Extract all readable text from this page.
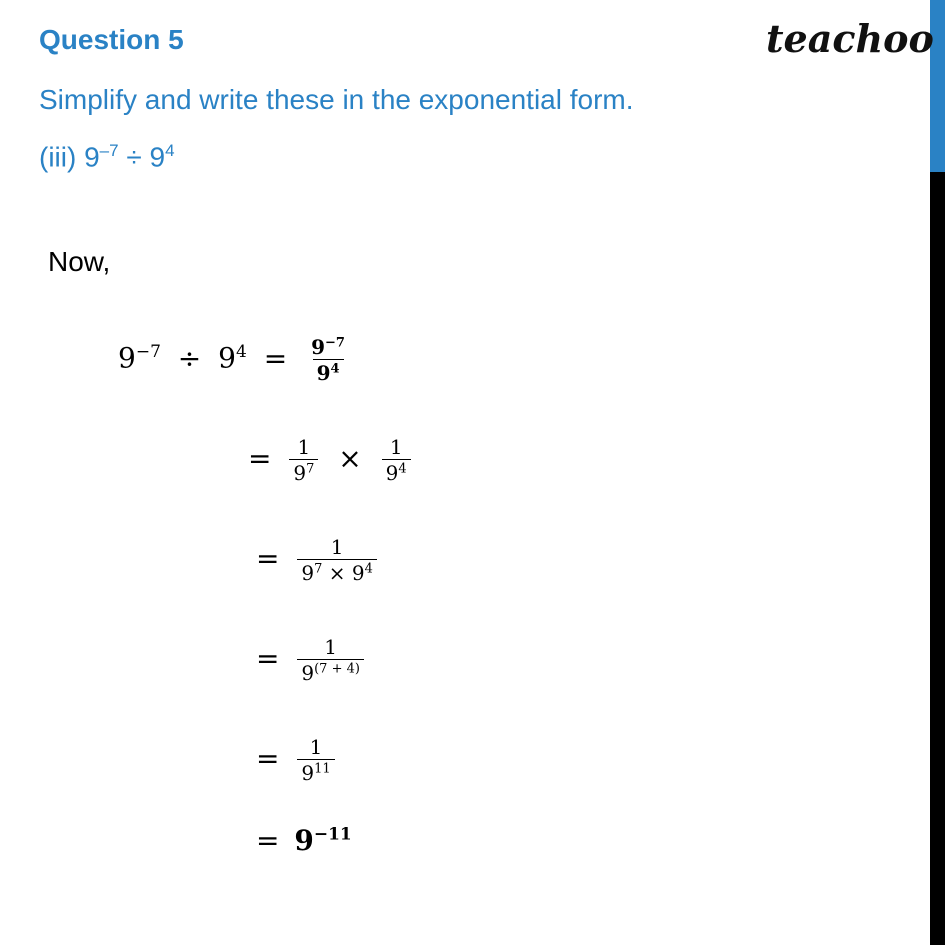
Question 5	teachoo
Simplify and write these in the exponential form.
(iii) $9^{-7} \div 9^4$
Now,
$9^{-7} \div 9^4 = \frac{9^{-7}}{9^4}$
= $\frac{1}{9^7} \times \frac{1}{9^4}$
= $\frac{1}{9^7 \times 9^4}$
= $\frac{1}{9^{(7 + 4)}}$
= $\frac{1}{9^{11}}$
= $9^{-11}$
